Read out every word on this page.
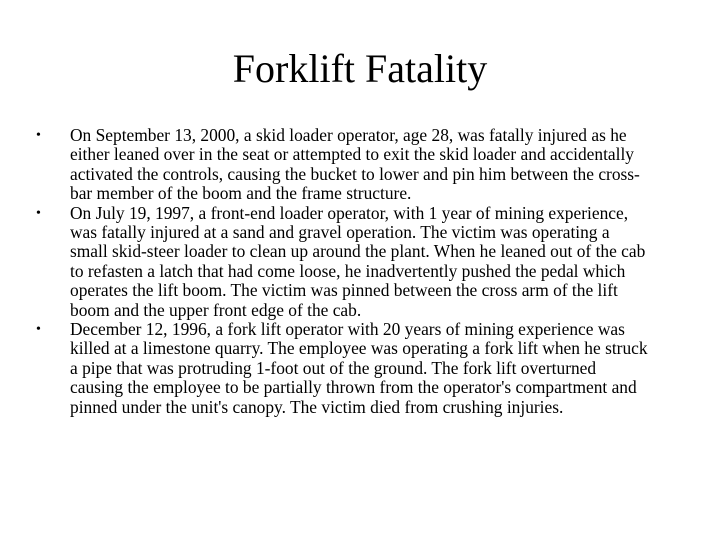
Forklift Fatality
•	On September 13, 2000, a skid loader operator, age 28, was fatally injured as he either leaned over in the seat or attempted to exit the skid loader and accidentally activated the controls, causing the bucket to lower and pin him between the cross-bar member of the boom and the frame structure.
•	On July 19, 1997, a front-end loader operator, with 1 year of mining experience, was fatally injured at a sand and gravel operation. The victim was operating a small skid-steer loader to clean up around the plant. When he leaned out of the cab to refasten a latch that had come loose, he inadvertently pushed the pedal which operates the lift boom. The victim was pinned between the cross arm of the lift boom and the upper front edge of the cab.
•	December 12, 1996, a fork lift operator with 20 years of mining experience was killed at a limestone quarry. The employee was operating a fork lift when he struck a pipe that was protruding 1-foot out of the ground. The fork lift overturned causing the employee to be partially thrown from the operator's compartment and pinned under the unit's canopy. The victim died from crushing injuries.
